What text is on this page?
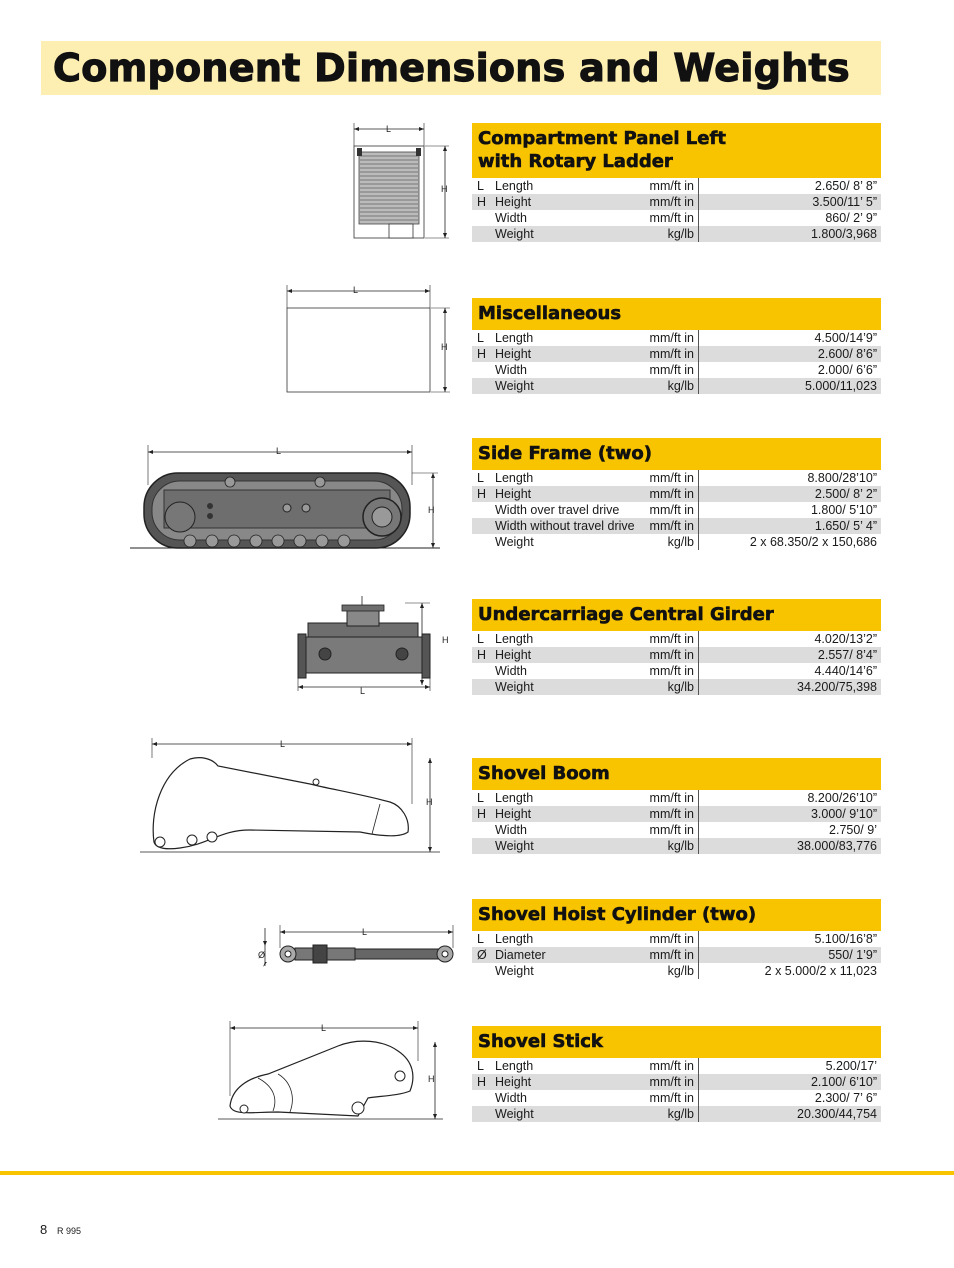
Component Dimensions and Weights
L
H
L
H
L
H
H
L
L
H
L
Ø
L
H
Compartment Panel Left with Rotary Ladder
L	Length	mm/ft in	2.650/ 8’ 8”
H	Height	mm/ft in	3.500/11’ 5”
	Width	mm/ft in	860/ 2’ 9”
	Weight	kg/lb	1.800/3,968
Miscellaneous
L	Length	mm/ft in	4.500/14’9”
H	Height	mm/ft in	2.600/ 8’6”
	Width	mm/ft in	2.000/ 6’6”
	Weight	kg/lb	5.000/11,023
Side Frame (two)
L	Length	mm/ft in	8.800/28’10”
H	Height	mm/ft in	2.500/ 8’ 2”
	Width over travel drive	mm/ft in	1.800/ 5’10”
	Width without travel drive	mm/ft in	1.650/ 5’ 4”
	Weight	kg/lb	2 x 68.350/2 x 150,686
Undercarriage Central Girder
L	Length	mm/ft in	4.020/13’2”
H	Height	mm/ft in	2.557/ 8’4”
	Width	mm/ft in	4.440/14’6”
	Weight	kg/lb	34.200/75,398
Shovel Boom
L	Length	mm/ft in	8.200/26’10”
H	Height	mm/ft in	3.000/ 9’10”
	Width	mm/ft in	2.750/ 9’
	Weight	kg/lb	38.000/83,776
Shovel Hoist Cylinder (two)
L	Length	mm/ft in	5.100/16’8”
Ø	Diameter	mm/ft in	550/ 1’9”
	Weight	kg/lb	2 x 5.000/2 x 11,023
Shovel Stick
L	Length	mm/ft in	5.200/17’
H	Height	mm/ft in	2.100/ 6’10”
	Width	mm/ft in	2.300/ 7’ 6”
	Weight	kg/lb	20.300/44,754
8 R 995
